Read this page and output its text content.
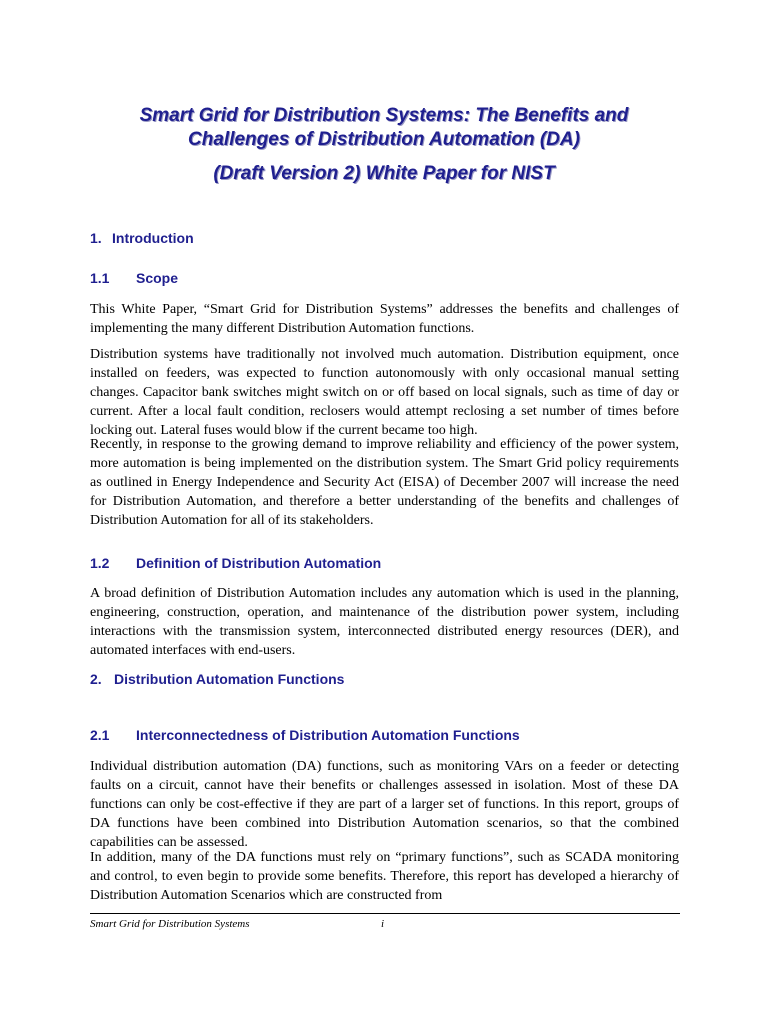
Smart Grid for Distribution Systems: The Benefits and
Challenges of Distribution Automation (DA)
(Draft Version 2) White Paper for NIST
1. Introduction
1.1 Scope

This White Paper, “Smart Grid for Distribution Systems” addresses the benefits and challenges of implementing the many different Distribution Automation functions.

Distribution systems have traditionally not involved much automation. Distribution equipment, once installed on feeders, was expected to function autonomously with only occasional manual setting changes. Capacitor bank switches might switch on or off based on local signals, such as time of day or current. After a local fault condition, reclosers would attempt reclosing a set number of times before locking out. Lateral fuses would blow if the current became too high.

Recently, in response to the growing demand to improve reliability and efficiency of the power system, more automation is being implemented on the distribution system. The Smart Grid policy requirements as outlined in Energy Independence and Security Act (EISA) of December 2007 will increase the need for Distribution Automation, and therefore a better understanding of the benefits and challenges of Distribution Automation for all of its stakeholders.

1.2 Definition of Distribution Automation

A broad definition of Distribution Automation includes any automation which is used in the planning, engineering, construction, operation, and maintenance of the distribution power system, including interactions with the transmission system, interconnected distributed energy resources (DER), and automated interfaces with end-users.

2. Distribution Automation Functions
2.1 Interconnectedness of Distribution Automation Functions

Individual distribution automation (DA) functions, such as monitoring VArs on a feeder or detecting faults on a circuit, cannot have their benefits or challenges assessed in isolation. Most of these DA functions can only be cost-effective if they are part of a larger set of functions. In this report, groups of DA functions have been combined into Distribution Automation scenarios, so that the combined capabilities can be assessed.

In addition, many of the DA functions must rely on “primary functions”, such as SCADA monitoring and control, to even begin to provide some benefits. Therefore, this report has developed a hierarchy of Distribution Automation Scenarios which are constructed from

Smart Grid for Distribution Systems	i
